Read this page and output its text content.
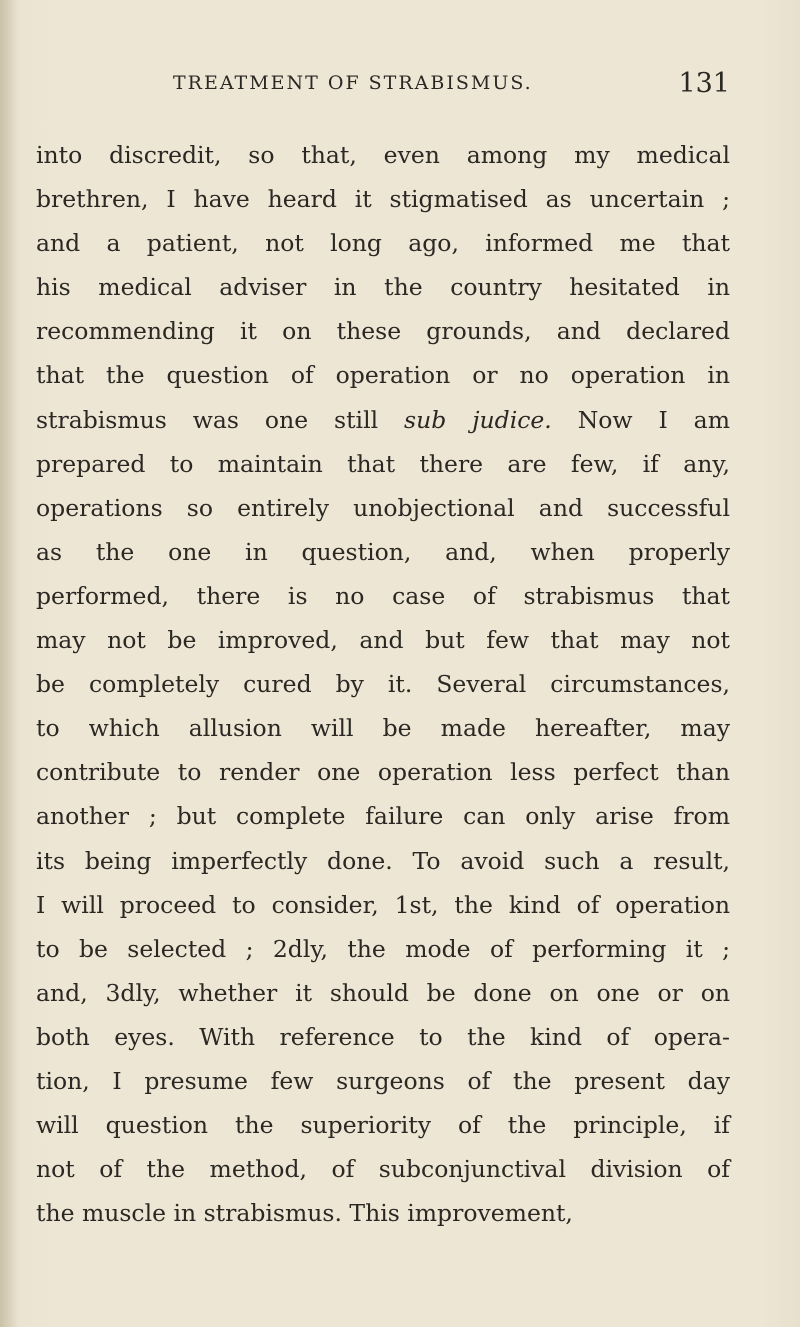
TREATMENT OF STRABISMUS.	131
into discredit, so that, even among my medical
brethren, I have heard it stigmatised as uncertain ;
and a patient, not long ago, informed me that
his medical adviser in the country hesitated in
recommending it on these grounds, and declared
that the question of operation or no operation in
strabismus was one still sub judice. Now I am
prepared to maintain that there are few, if any,
operations so entirely unobjectional and successful
as the one in question, and, when properly
performed, there is no case of strabismus that
may not be improved, and but few that may not
be completely cured by it. Several circumstances,
to which allusion will be made hereafter, may
contribute to render one operation less perfect than
another ; but complete failure can only arise from
its being imperfectly done. To avoid such a result,
I will proceed to consider, 1st, the kind of operation
to be selected ; 2dly, the mode of performing it ;
and, 3dly, whether it should be done on one or on
both eyes. With reference to the kind of opera-
tion, I presume few surgeons of the present day
will question the superiority of the principle, if
not of the method, of subconjunctival division of
the muscle in strabismus. This improvement,
